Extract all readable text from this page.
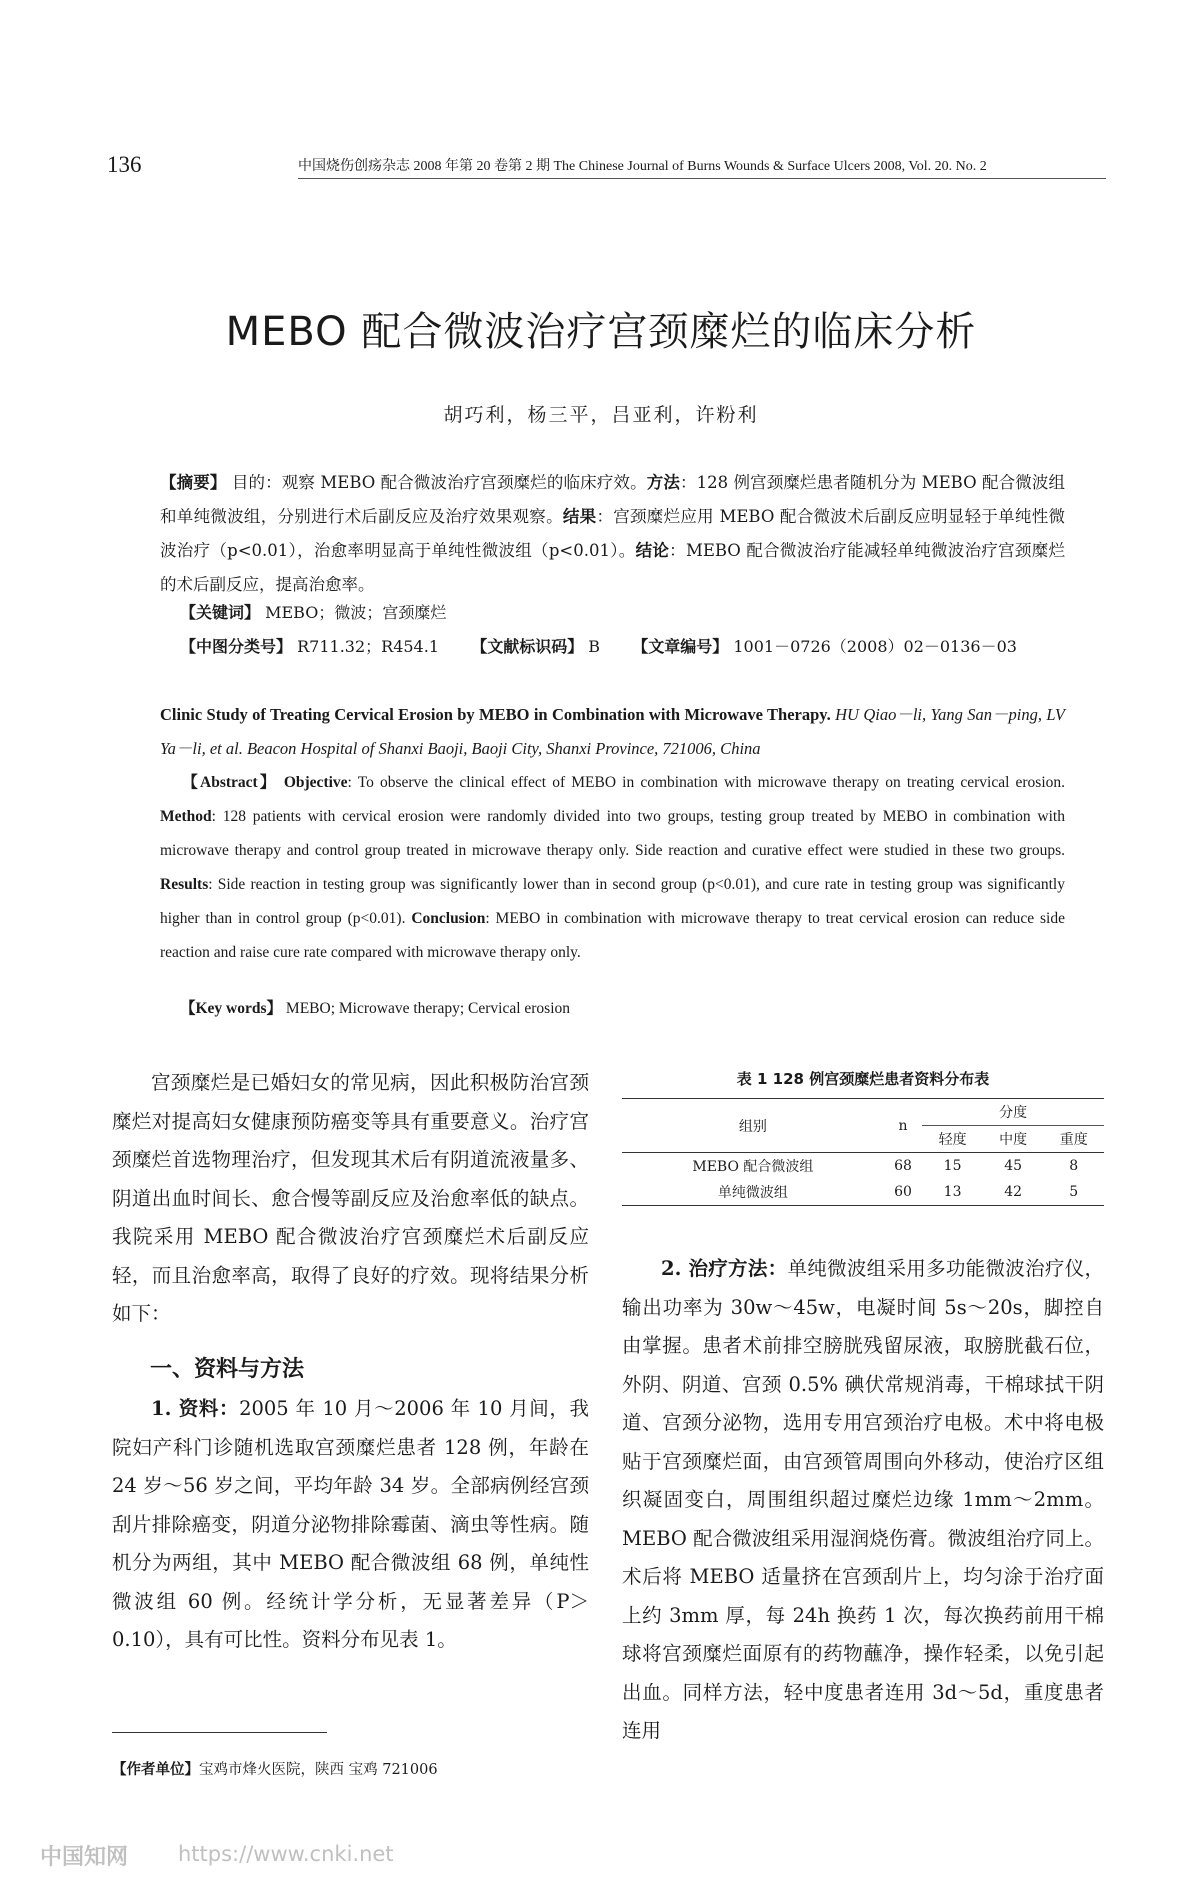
136	中国烧伤创疡杂志 2008 年第 20 卷第 2 期 The Chinese Journal of Burns Wounds & Surface Ulcers 2008, Vol. 20. No. 2
MEBO 配合微波治疗宫颈糜烂的临床分析
胡巧利，杨三平，吕亚利，许粉利
【摘要】 目的：观察 MEBO 配合微波治疗宫颈糜烂的临床疗效。方法：128 例宫颈糜烂患者随机分为 MEBO 配合微波组和单纯微波组，分别进行术后副反应及治疗效果观察。结果：宫颈糜烂应用 MEBO 配合微波术后副反应明显轻于单纯性微波治疗（p<0.01），治愈率明显高于单纯性微波组（p<0.01）。结论：MEBO 配合微波治疗能减轻单纯微波治疗宫颈糜烂的术后副反应，提高治愈率。
【关键词】 MEBO；微波；宫颈糜烂
【中图分类号】 R711.32；R454.1 【文献标识码】 B 【文章编号】 1001－0726（2008）02－0136－03
Clinic Study of Treating Cervical Erosion by MEBO in Combination with Microwave Therapy. HU Qiao－li, Yang San－ping, LV Ya－li, et al. Beacon Hospital of Shanxi Baoji, Baoji City, Shanxi Province, 721006, China
【Abstract】 Objective: To observe the clinical effect of MEBO in combination with microwave therapy on treating cervical erosion. Method: 128 patients with cervical erosion were randomly divided into two groups, testing group treated by MEBO in combination with microwave therapy and control group treated in microwave therapy only. Side reaction and curative effect were studied in these two groups. Results: Side reaction in testing group was significantly lower than in second group (p<0.01), and cure rate in testing group was significantly higher than in control group (p<0.01). Conclusion: MEBO in combination with microwave therapy to treat cervical erosion can reduce side reaction and raise cure rate compared with microwave therapy only.
【Key words】 MEBO; Microwave therapy; Cervical erosion

宫颈糜烂是已婚妇女的常见病，因此积极防治宫颈糜烂对提高妇女健康预防癌变等具有重要意义。治疗宫颈糜烂首选物理治疗，但发现其术后有阴道流液量多、阴道出血时间长、愈合慢等副反应及治愈率低的缺点。我院采用 MEBO 配合微波治疗宫颈糜烂术后副反应轻，而且治愈率高，取得了良好的疗效。现将结果分析如下：

一、资料与方法

1. 资料：2005 年 10 月～2006 年 10 月间，我院妇产科门诊随机选取宫颈糜烂患者 128 例，年龄在 24 岁～56 岁之间，平均年龄 34 岁。全部病例经宫颈刮片排除癌变，阴道分泌物排除霉菌、滴虫等性病。随机分为两组，其中 MEBO 配合微波组 68 例，单纯性微波组 60 例。经统计学分析，无显著差异（P＞0.10），具有可比性。资料分布见表 1。

表 1 128 例宫颈糜烂患者资料分布表
组别	n	分度		
		轻度	中度	重度
MEBO 配合微波组	68	15	45	8
单纯微波组	60	13	42	5

2. 治疗方法：单纯微波组采用多功能微波治疗仪，输出功率为 30w～45w，电凝时间 5s～20s，脚控自由掌握。患者术前排空膀胱残留尿液，取膀胱截石位，外阴、阴道、宫颈 0.5% 碘伏常规消毒，干棉球拭干阴道、宫颈分泌物，选用专用宫颈治疗电极。术中将电极贴于宫颈糜烂面，由宫颈管周围向外移动，使治疗区组织凝固变白，周围组织超过糜烂边缘 1mm～2mm。MEBO 配合微波组采用湿润烧伤膏。微波组治疗同上。术后将 MEBO 适量挤在宫颈刮片上，均匀涂于治疗面上约 3mm 厚，每 24h 换药 1 次，每次换药前用干棉球将宫颈糜烂面原有的药物蘸净，操作轻柔，以免引起出血。同样方法，轻中度患者连用 3d～5d，重度患者连用

【作者单位】宝鸡市烽火医院，陕西 宝鸡 721006
中国知网 https://www.cnki.net
